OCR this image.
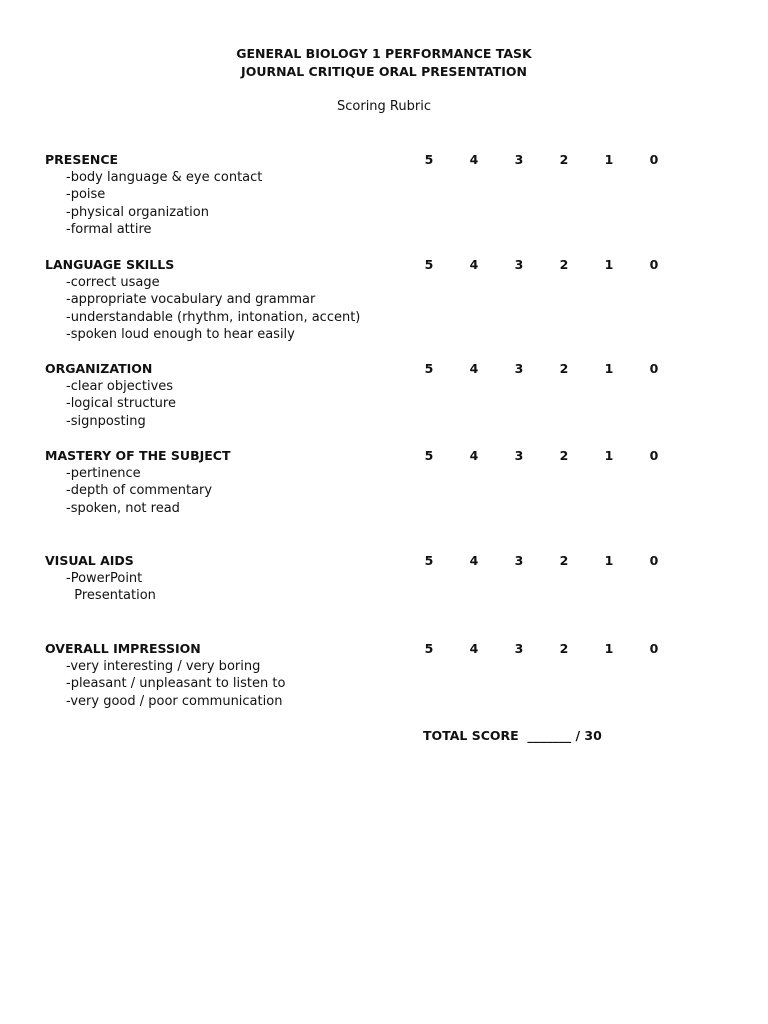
GENERAL BIOLOGY 1 PERFORMANCE TASK
JOURNAL CRITIQUE ORAL PRESENTATION
Scoring Rubric
PRESENCE	5	4	3	2	1	0
-body language & eye contact
-poise
-physical organization
-formal attire
LANGUAGE SKILLS	5	4	3	2	1	0
-correct usage
-appropriate vocabulary and grammar
-understandable (rhythm, intonation, accent)
-spoken loud enough to hear easily
ORGANIZATION	5	4	3	2	1	0
-clear objectives
-logical structure
-signposting
MASTERY OF THE SUBJECT	5	4	3	2	1	0
-pertinence
-depth of commentary
-spoken, not read
VISUAL AIDS	5	4	3	2	1	0
-PowerPoint
Presentation
OVERALL IMPRESSION	5	4	3	2	1	0
-very interesting / very boring
-pleasant / unpleasant to listen to
-very good / poor communication
TOTAL SCORE  _______ / 30
